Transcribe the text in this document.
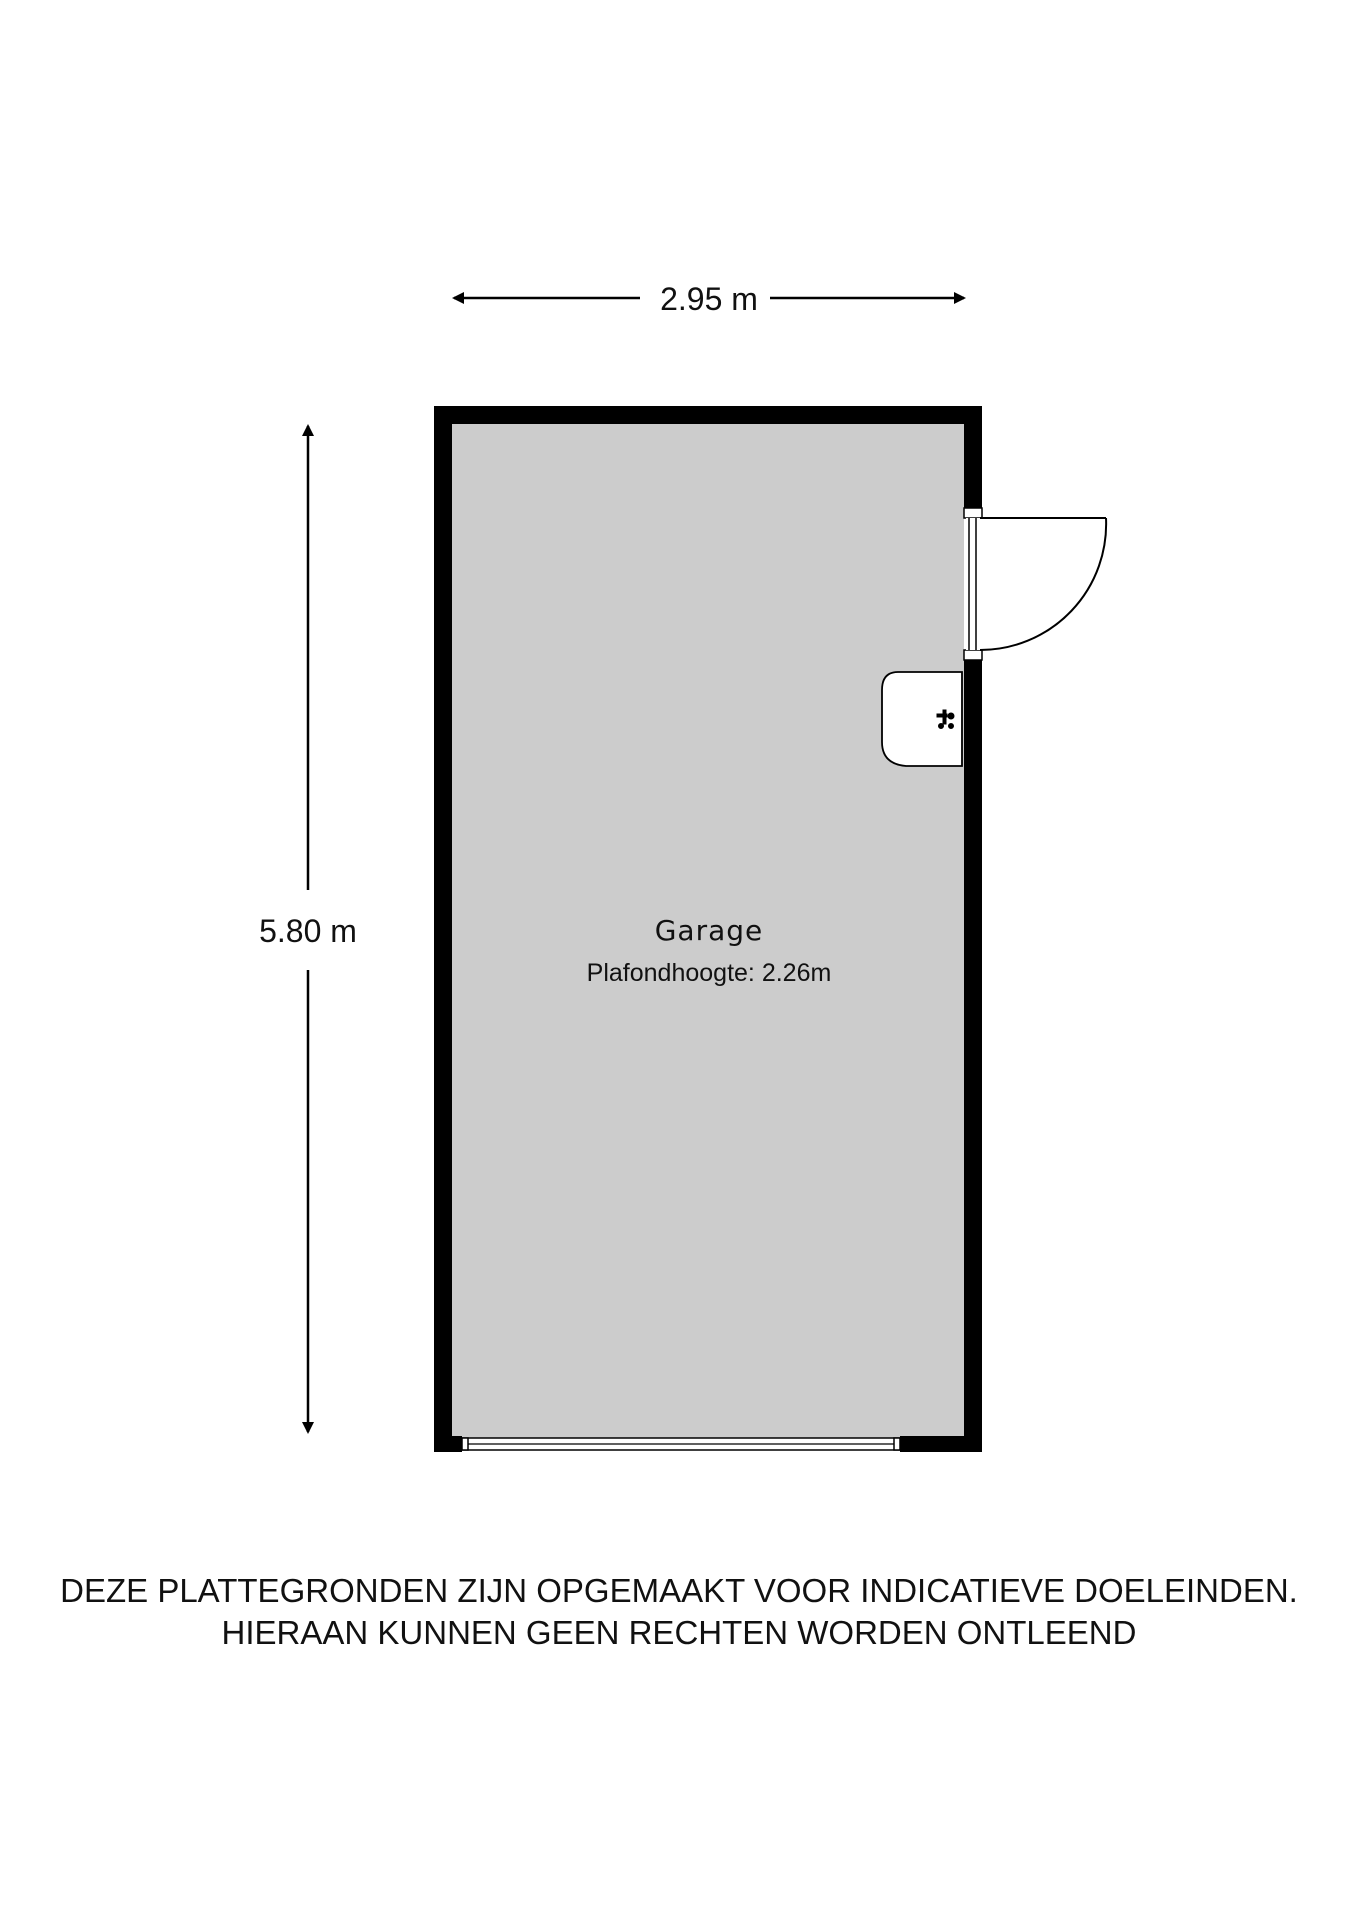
2.95 m
5.80 m	Garage
Plafondhoogte: 2.26m
DEZE PLATTEGRONDEN ZIJN OPGEMAAKT VOOR INDICATIEVE DOELEINDEN.
HIERAAN KUNNEN GEEN RECHTEN WORDEN ONTLEEND
